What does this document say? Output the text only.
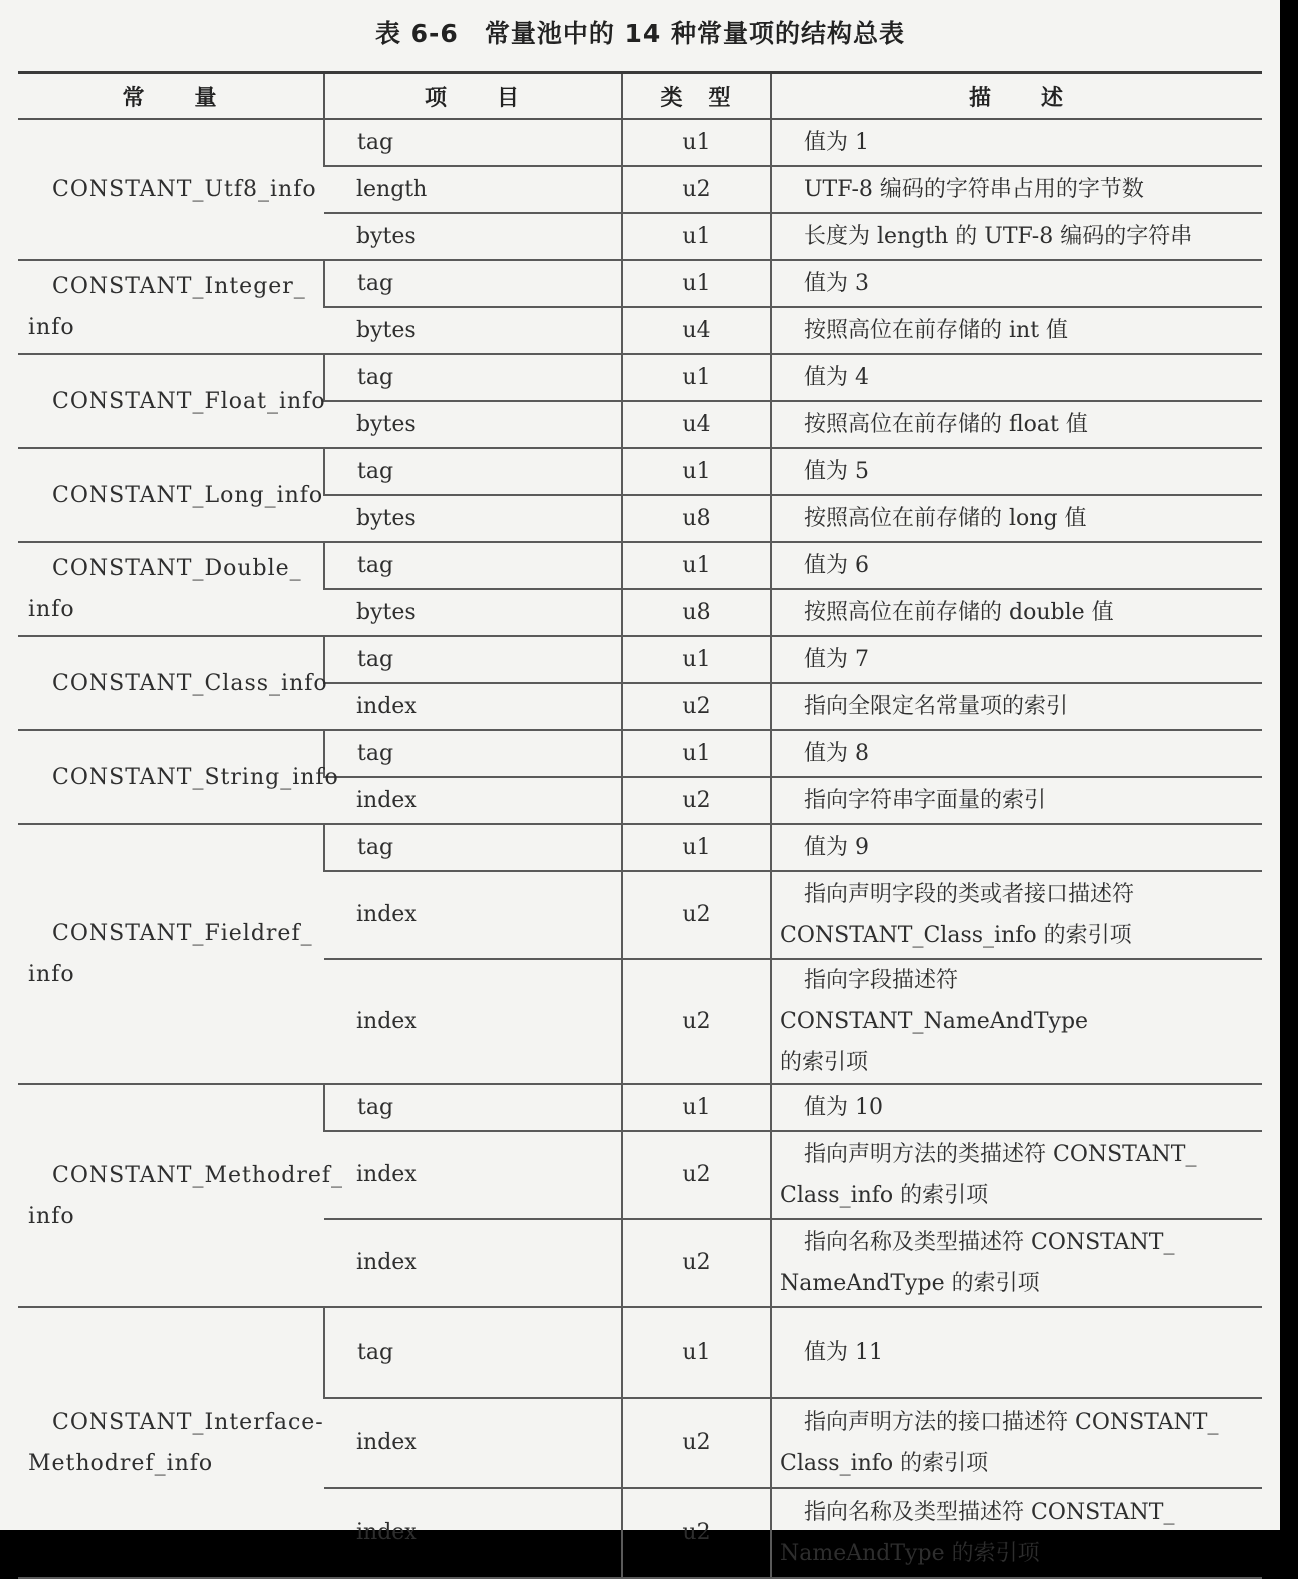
表 6-6 常量池中的 14 种常量项的结构总表
常　　量	项　　目	类　型	描　　述

CONSTANT_Utf8_info	tag	u1	值为 1

	length	u2	UTF-8 编码的字符串占用的字节数

	bytes	u1	长度为 length 的 UTF-8 编码的字符串

CONSTANT_Integer_
info	tag	u1	值为 3

	bytes	u4	按照高位在前存储的 int 值

CONSTANT_Float_info	tag	u1	值为 4

	bytes	u4	按照高位在前存储的 float 值

CONSTANT_Long_info	tag	u1	值为 5

	bytes	u8	按照高位在前存储的 long 值

CONSTANT_Double_
info	tag	u1	值为 6

	bytes	u8	按照高位在前存储的 double 值

CONSTANT_Class_info	tag	u1	值为 7

	index	u2	指向全限定名常量项的索引

CONSTANT_String_info	tag	u1	值为 8

	index	u2	指向字符串字面量的索引

CONSTANT_Fieldref_
info	tag	u1	值为 9

	index	u2	指向声明字段的类或者接口描述符
CONSTANT_Class_info 的索引项
	index	u2	指向字段描述符 CONSTANT_NameAndType
的索引项

CONSTANT_Methodref_
info	tag	u1	值为 10

	index	u2	指向声明方法的类描述符 CONSTANT_
Class_info 的索引项
	index	u2	指向名称及类型描述符 CONSTANT_
NameAndType 的索引项

CONSTANT_Interface-
Methodref_info	tag	u1	值为 11

	index	u2	指向声明方法的接口描述符 CONSTANT_
Class_info 的索引项
	index	u2	指向名称及类型描述符 CONSTANT_
NameAndType 的索引项
